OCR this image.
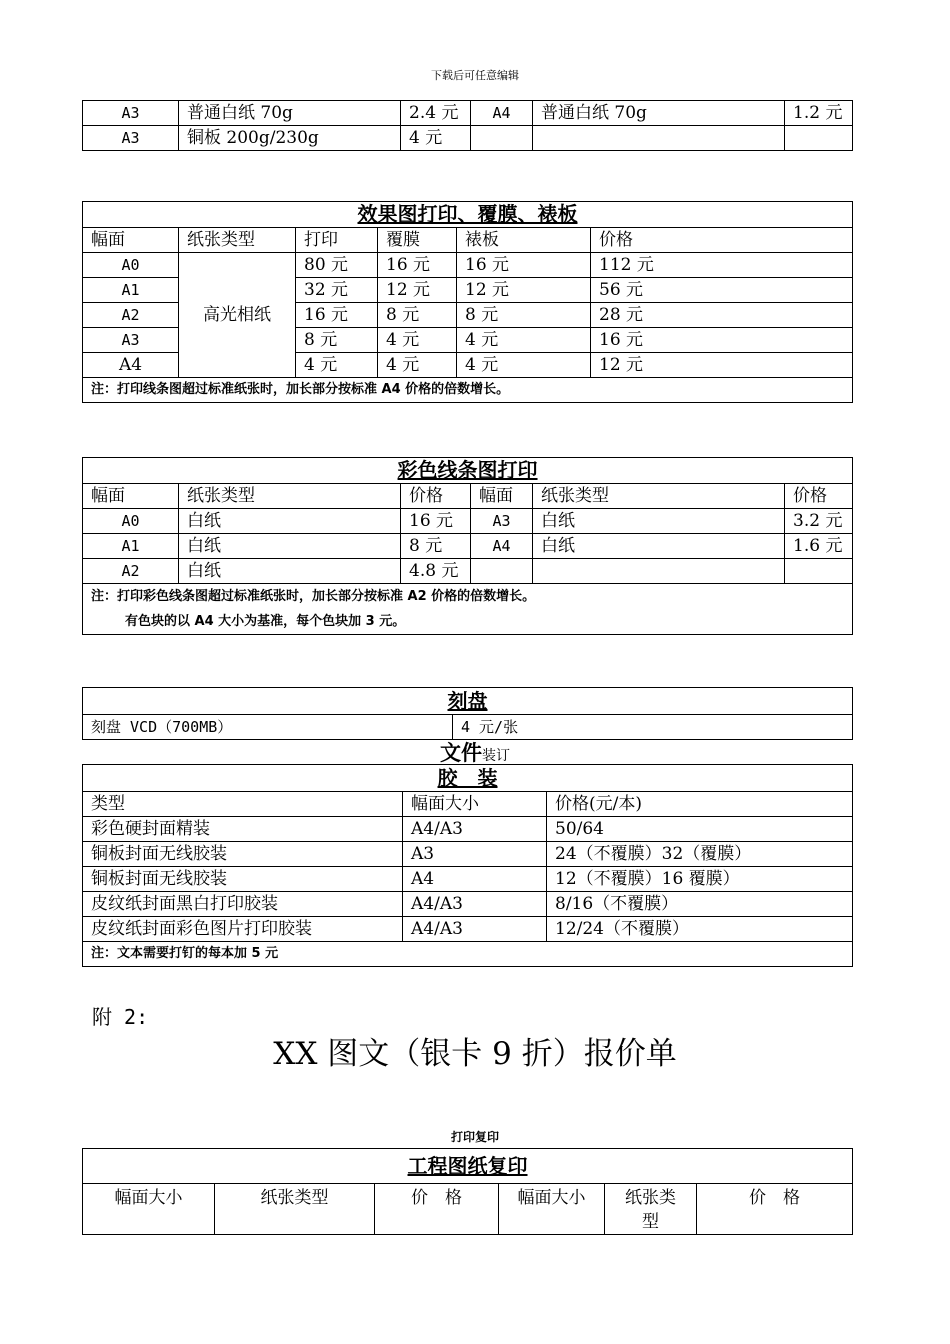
下载后可任意编辑
A3	普通白纸 70g	2.4 元	A4	普通白纸 70g	1.2 元
A3	铜板 200g/230g	4 元			
效果图打印、覆膜、裱板					
幅面	纸张类型	打印	覆膜	裱板	价格
A0	高光相纸	80 元	16 元	16 元	112 元
A1		32 元	12 元	12 元	56 元
A2		16 元	8 元	8 元	28 元
A3		8 元	4 元	4 元	16 元
A4		4 元	4 元	4 元	12 元
注：打印线条图超过标准纸张时，加长部分按标准 A4 价格的倍数增长。					
彩色线条图打印					
幅面	纸张类型	价格	幅面	纸张类型	价格
A0	白纸	16 元	A3	白纸	3.2 元
A1	白纸	8 元	A4	白纸	1.6 元
A2	白纸	4.8 元			

注：打印彩色线条图超过标准纸张时，加长部分按标准 A2 价格的倍数增长。
有色块的以 A4 大小为基准，每个色块加 3 元。					
刻盘
刻盘 VCD（700MB）	4 元/张
文件装订
胶　装		
类型	幅面大小	价格(元/本)
彩色硬封面精装	A4/A3	50/64
铜板封面无线胶装	A3	24（不覆膜）32（覆膜）
铜板封面无线胶装	A4	12（不覆膜）16 覆膜）
皮纹纸封面黑白打印胶装	A4/A3	8/16（不覆膜）
皮纹纸封面彩色图片打印胶装	A4/A3	12/24（不覆膜）
注：文本需要打钉的每本加 5 元		
附 2:
XX 图文（银卡 9 折）报价单
打印复印
工程图纸复印
幅面大小	纸张类型	价　格	幅面大小	纸张类型	价　格
